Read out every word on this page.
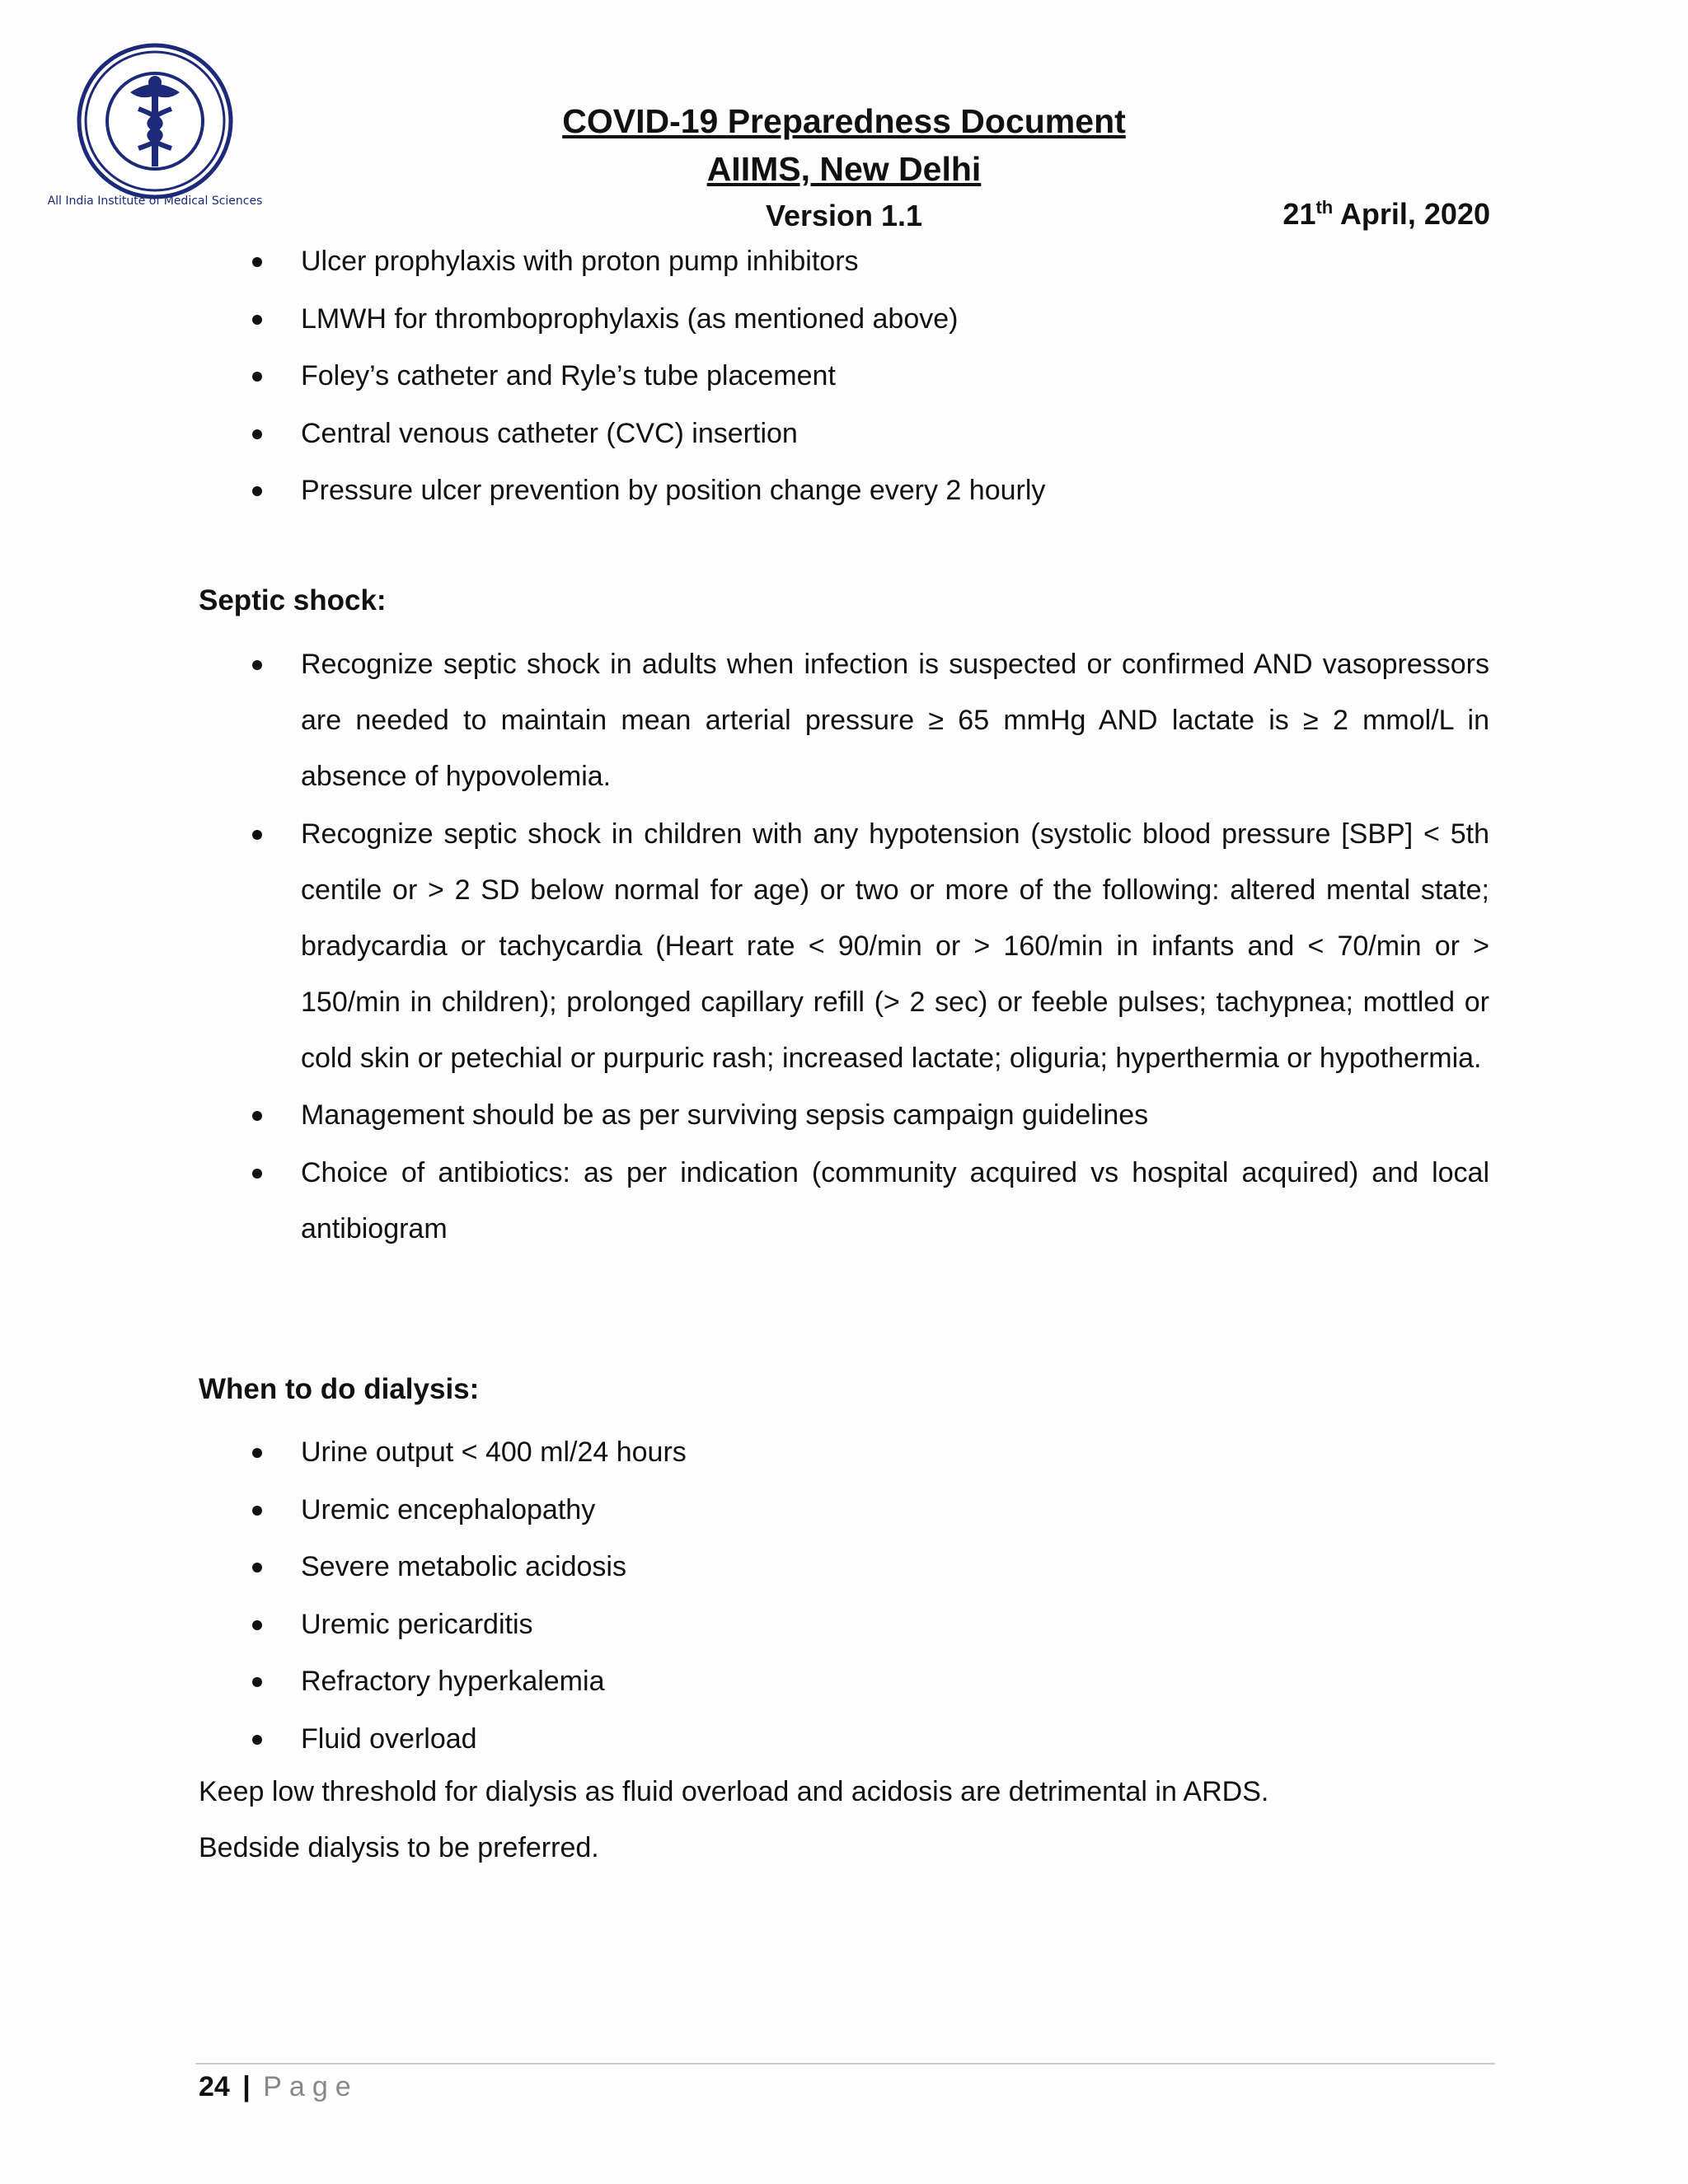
All India Institute of Medical Sciences
COVID-19 Preparedness Document
AIIMS, New Delhi
Version 1.1	21th April, 2020
Ulcer prophylaxis with proton pump inhibitors
LMWH for thromboprophylaxis (as mentioned above)
Foley’s catheter and Ryle’s tube placement
Central venous catheter (CVC) insertion
Pressure ulcer prevention by position change every 2 hourly
Septic shock:
Recognize septic shock in adults when infection is suspected or confirmed AND vasopressors are needed to maintain mean arterial pressure ≥ 65 mmHg AND lactate is ≥ 2 mmol/L in absence of hypovolemia.
Recognize septic shock in children with any hypotension (systolic blood pressure [SBP] < 5th centile or > 2 SD below normal for age) or two or more of the following: altered mental state; bradycardia or tachycardia (Heart rate < 90/min or > 160/min in infants and < 70/min or > 150/min in children); prolonged capillary refill (> 2 sec) or feeble pulses; tachypnea; mottled or cold skin or petechial or purpuric rash; increased lactate; oliguria; hyperthermia or hypothermia.
Management should be as per surviving sepsis campaign guidelines
Choice of antibiotics: as per indication (community acquired vs hospital acquired) and local antibiogram
When to do dialysis:
Urine output < 400 ml/24 hours
Uremic encephalopathy
Severe metabolic acidosis
Uremic pericarditis
Refractory hyperkalemia
Fluid overload
Keep low threshold for dialysis as fluid overload and acidosis are detrimental in ARDS.
Bedside dialysis to be preferred.
24 | Page
